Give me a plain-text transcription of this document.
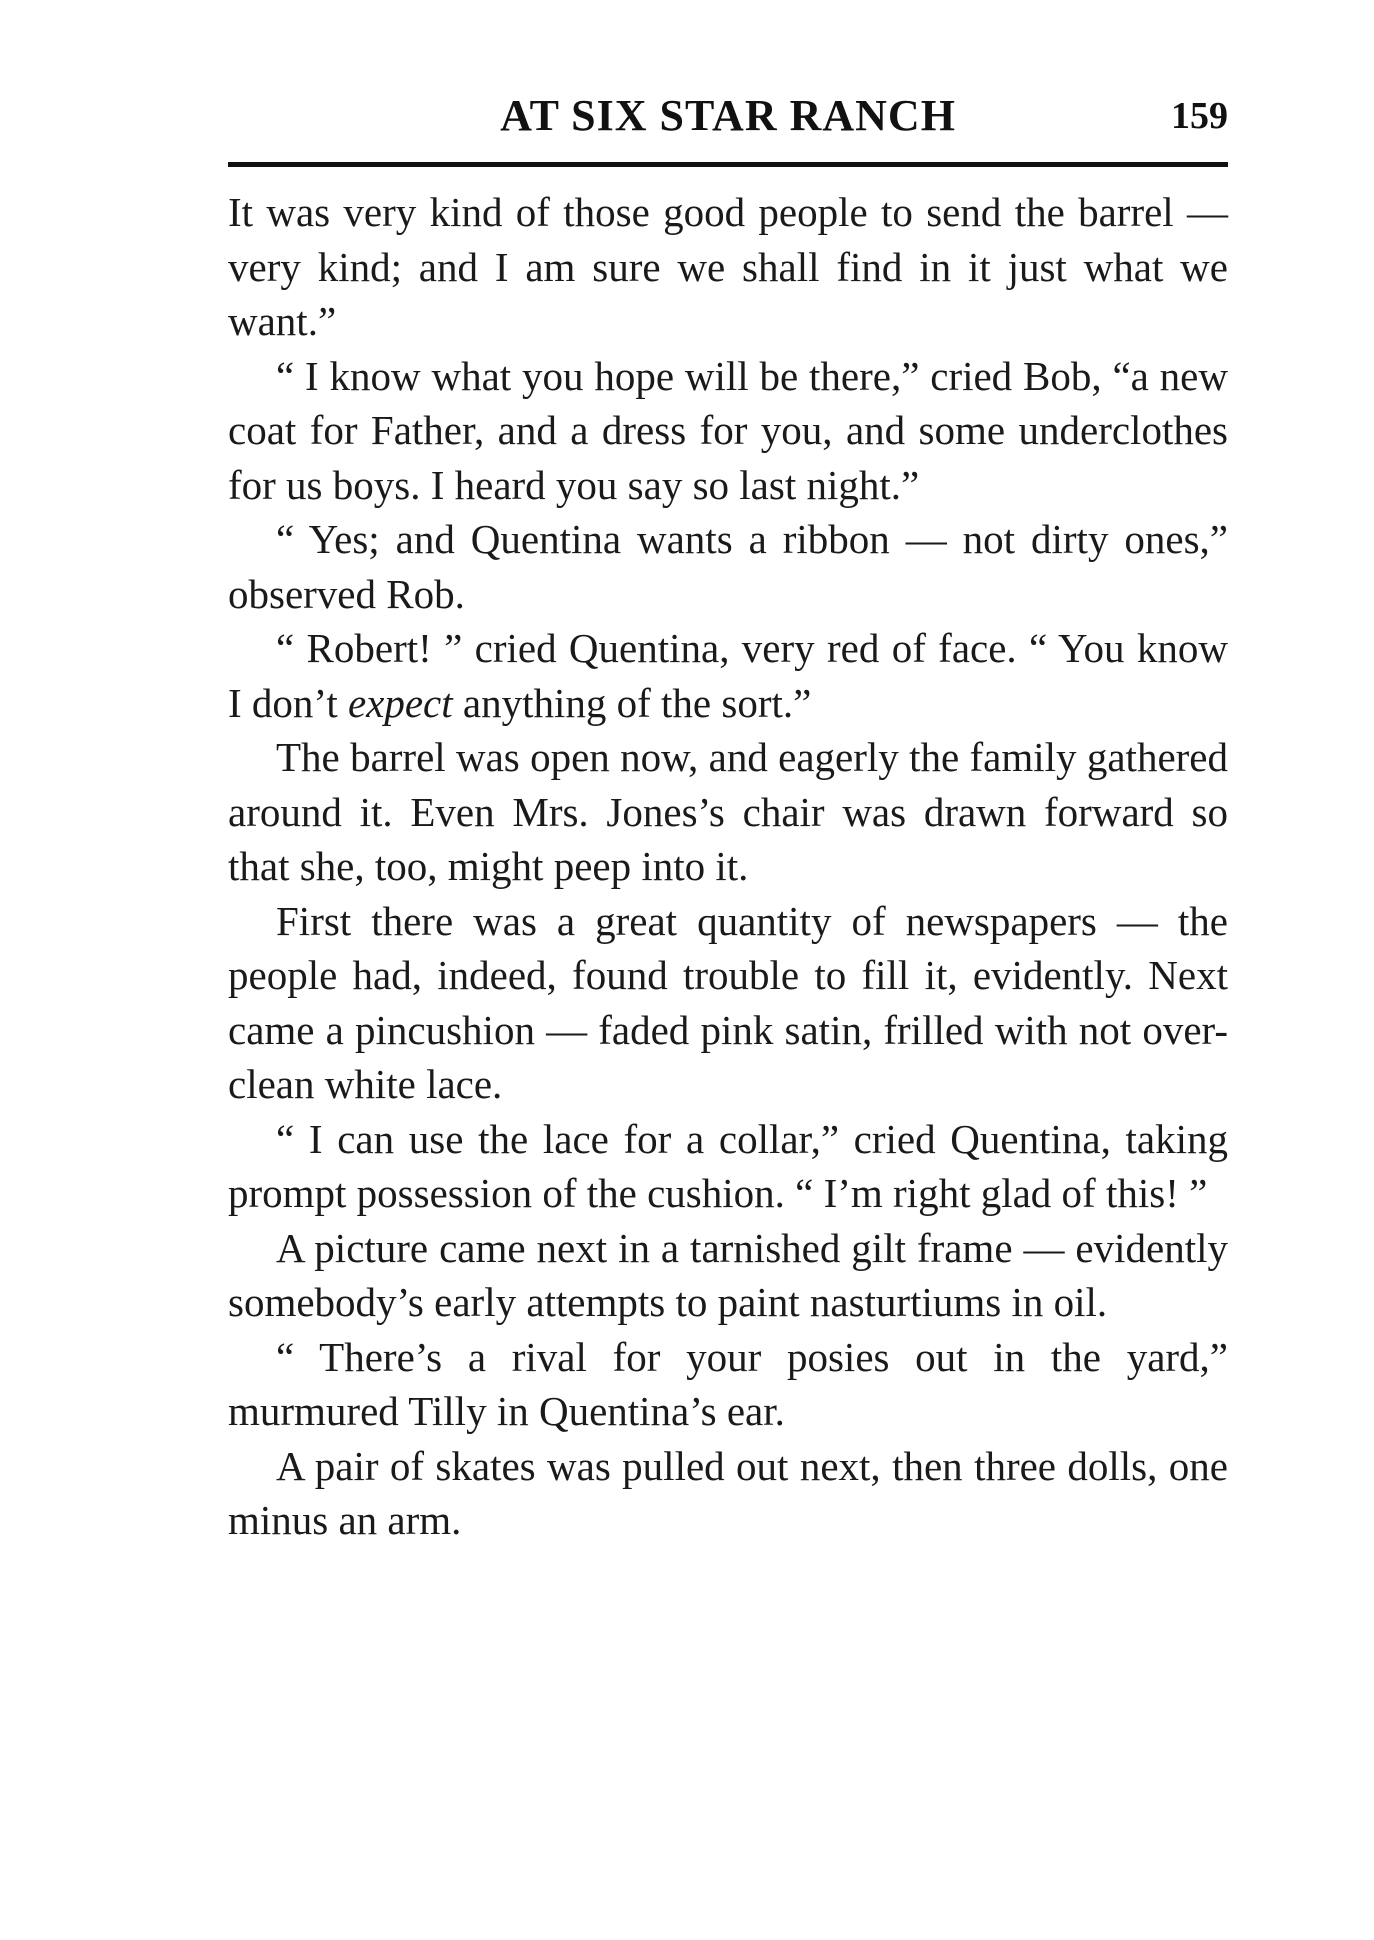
AT SIX STAR RANCH	159

It was very kind of those good people to send the barrel — very kind; and I am sure we shall find in it just what we want.”

“ I know what you hope will be there,” cried Bob, “a new coat for Father, and a dress for you, and some underclothes for us boys. I heard you say so last night.”

“ Yes; and Quentina wants a ribbon — not dirty ones,” observed Rob.

“ Robert! ” cried Quentina, very red of face. “ You know I don’t expect anything of the sort.”

The barrel was open now, and eagerly the family gathered around it. Even Mrs. Jones’s chair was drawn forward so that she, too, might peep into it.

First there was a great quantity of newspapers — the people had, indeed, found trouble to fill it, evidently. Next came a pincushion — faded pink satin, frilled with not over-clean white lace.

“ I can use the lace for a collar,” cried Quentina, taking prompt possession of the cushion. “ I’m right glad of this! ”

A picture came next in a tarnished gilt frame — evidently somebody’s early attempts to paint nasturtiums in oil.

“ There’s a rival for your posies out in the yard,” murmured Tilly in Quentina’s ear.

A pair of skates was pulled out next, then three dolls, one minus an arm.
